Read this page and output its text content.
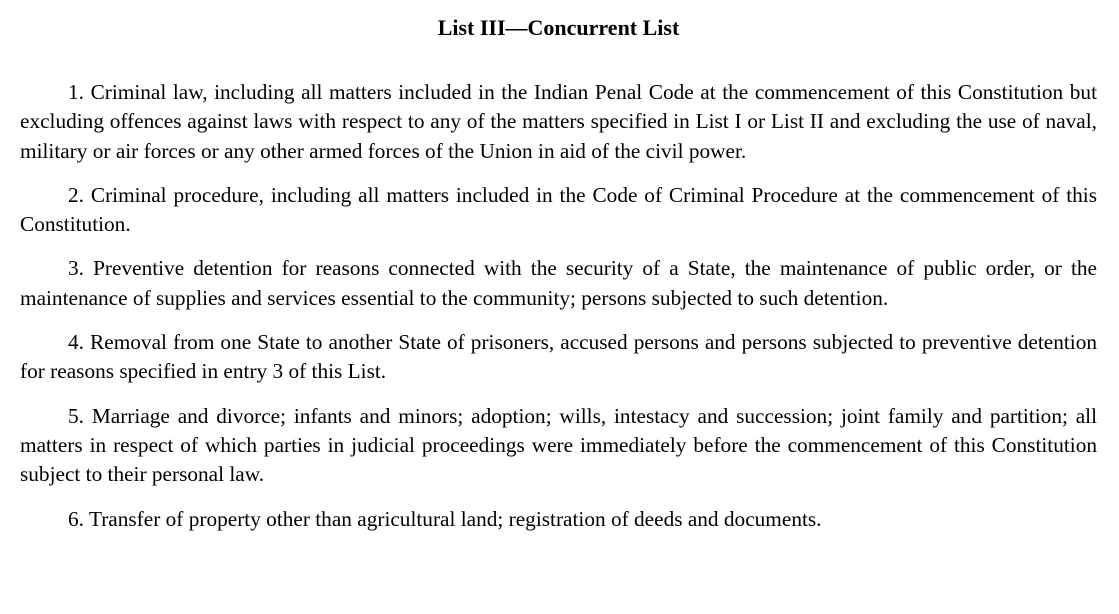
List III—Concurrent List

1. Criminal law, including all matters included in the Indian Penal Code at the commencement of this Constitution but excluding offences against laws with respect to any of the matters specified in List I or List II and excluding the use of naval, military or air forces or any other armed forces of the Union in aid of the civil power.

2. Criminal procedure, including all matters included in the Code of Criminal Procedure at the commencement of this Constitution.

3. Preventive detention for reasons connected with the security of a State, the maintenance of public order, or the maintenance of supplies and services essential to the community; persons subjected to such detention.

4. Removal from one State to another State of prisoners, accused persons and persons subjected to preventive detention for reasons specified in entry 3 of this List.

5. Marriage and divorce; infants and minors; adoption; wills, intestacy and succession; joint family and partition; all matters in respect of which parties in judicial proceedings were immediately before the commencement of this Constitution subject to their personal law.

6. Transfer of property other than agricultural land; registration of deeds and documents.
